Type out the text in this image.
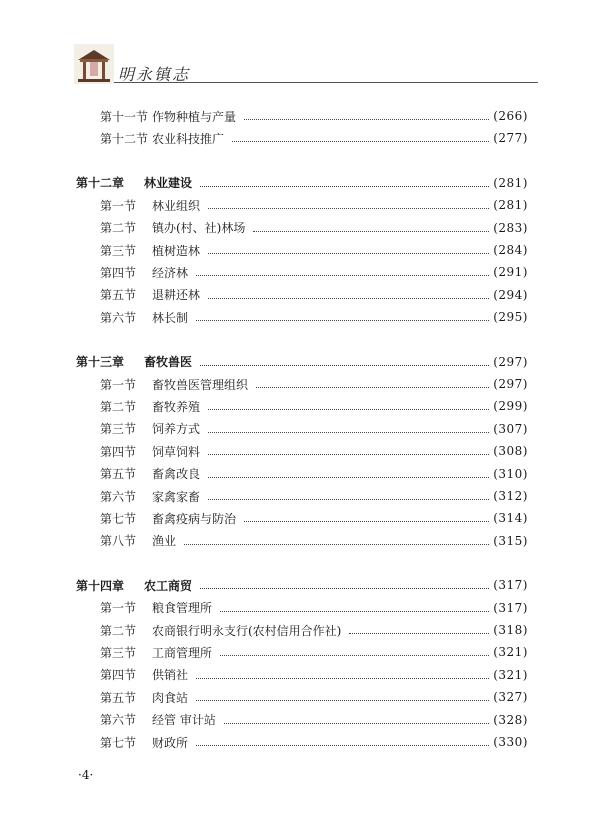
明永镇志
第十一节 作物种植与产量	(266)
第十二节 农业科技推广	(277)
第十二章	林业建设	(281)
第一节	林业组织	(281)
第二节	镇办(村、社)林场	(283)
第三节	植树造林	(284)
第四节	经济林	(291)
第五节	退耕还林	(294)
第六节	林长制	(295)
第十三章	畜牧兽医	(297)
第一节	畜牧兽医管理组织	(297)
第二节	畜牧养殖	(299)
第三节	饲养方式	(307)
第四节	饲草饲料	(308)
第五节	畜禽改良	(310)
第六节	家禽家畜	(312)
第七节	畜禽疫病与防治	(314)
第八节	渔业	(315)
第十四章	农工商贸	(317)
第一节	粮食管理所	(317)
第二节	农商银行明永支行(农村信用合作社)	(318)
第三节	工商管理所	(321)
第四节	供销社	(321)
第五节	肉食站	(327)
第六节	经管 审计站	(328)
第七节	财政所	(330)
·4·
